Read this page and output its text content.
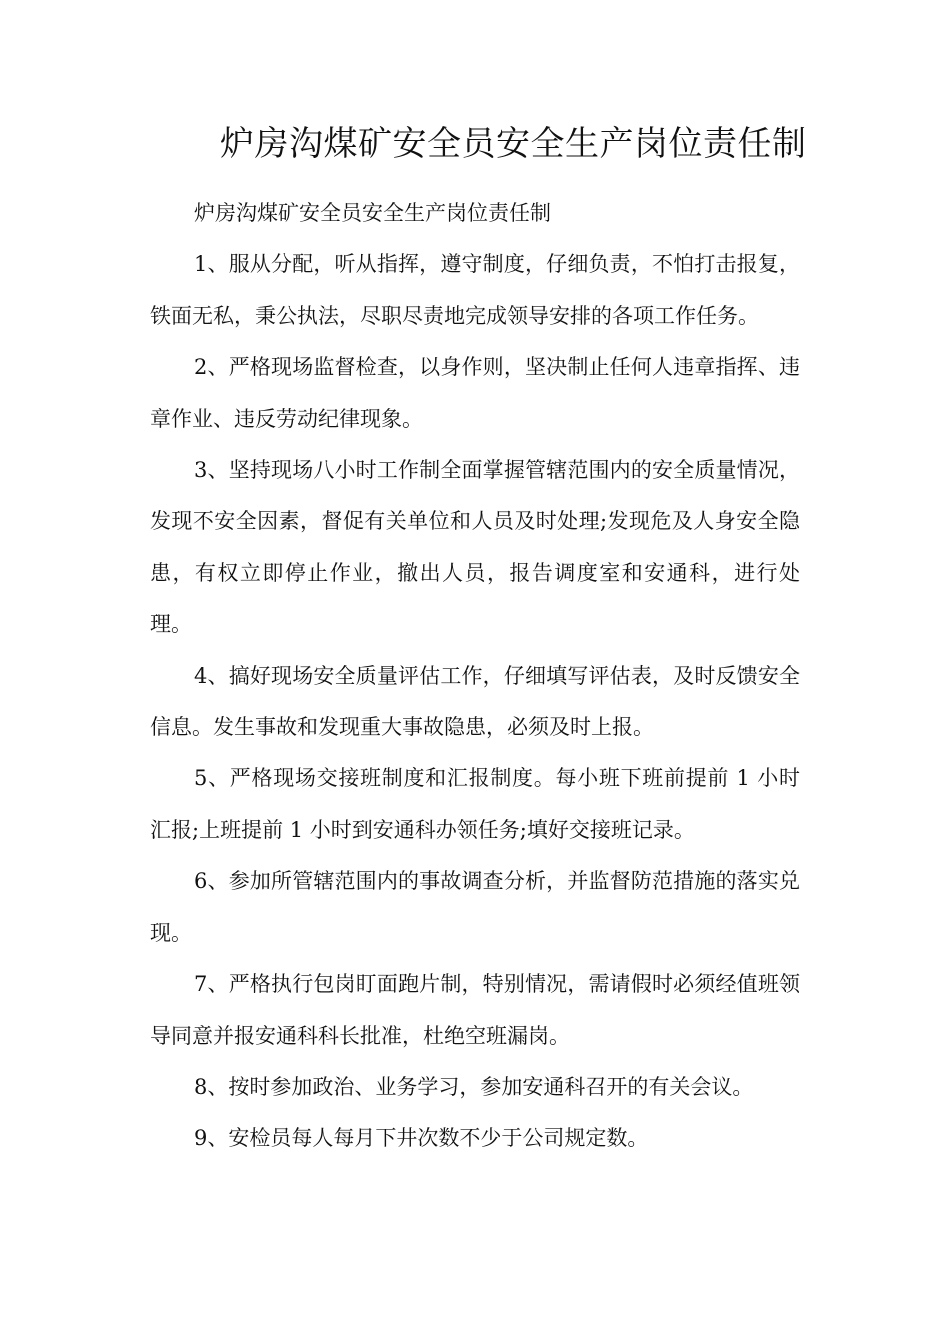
炉房沟煤矿安全员安全生产岗位责任制

炉房沟煤矿安全员安全生产岗位责任制

1、服从分配，听从指挥，遵守制度，仔细负责，不怕打击报复，铁面无私，秉公执法，尽职尽责地完成领导安排的各项工作任务。

2、严格现场监督检查，以身作则，坚决制止任何人违章指挥、违章作业、违反劳动纪律现象。

3、坚持现场八小时工作制全面掌握管辖范围内的安全质量情况，发现不安全因素，督促有关单位和人员及时处理;发现危及人身安全隐患，有权立即停止作业，撤出人员，报告调度室和安通科，进行处理。

4、搞好现场安全质量评估工作，仔细填写评估表，及时反馈安全信息。发生事故和发现重大事故隐患，必须及时上报。

5、严格现场交接班制度和汇报制度。每小班下班前提前 1 小时汇报;上班提前 1 小时到安通科办领任务;填好交接班记录。

6、参加所管辖范围内的事故调查分析，并监督防范措施的落实兑现。

7、严格执行包岗盯面跑片制，特别情况，需请假时必须经值班领导同意并报安通科科长批准，杜绝空班漏岗。

8、按时参加政治、业务学习，参加安通科召开的有关会议。

9、安检员每人每月下井次数不少于公司规定数。
